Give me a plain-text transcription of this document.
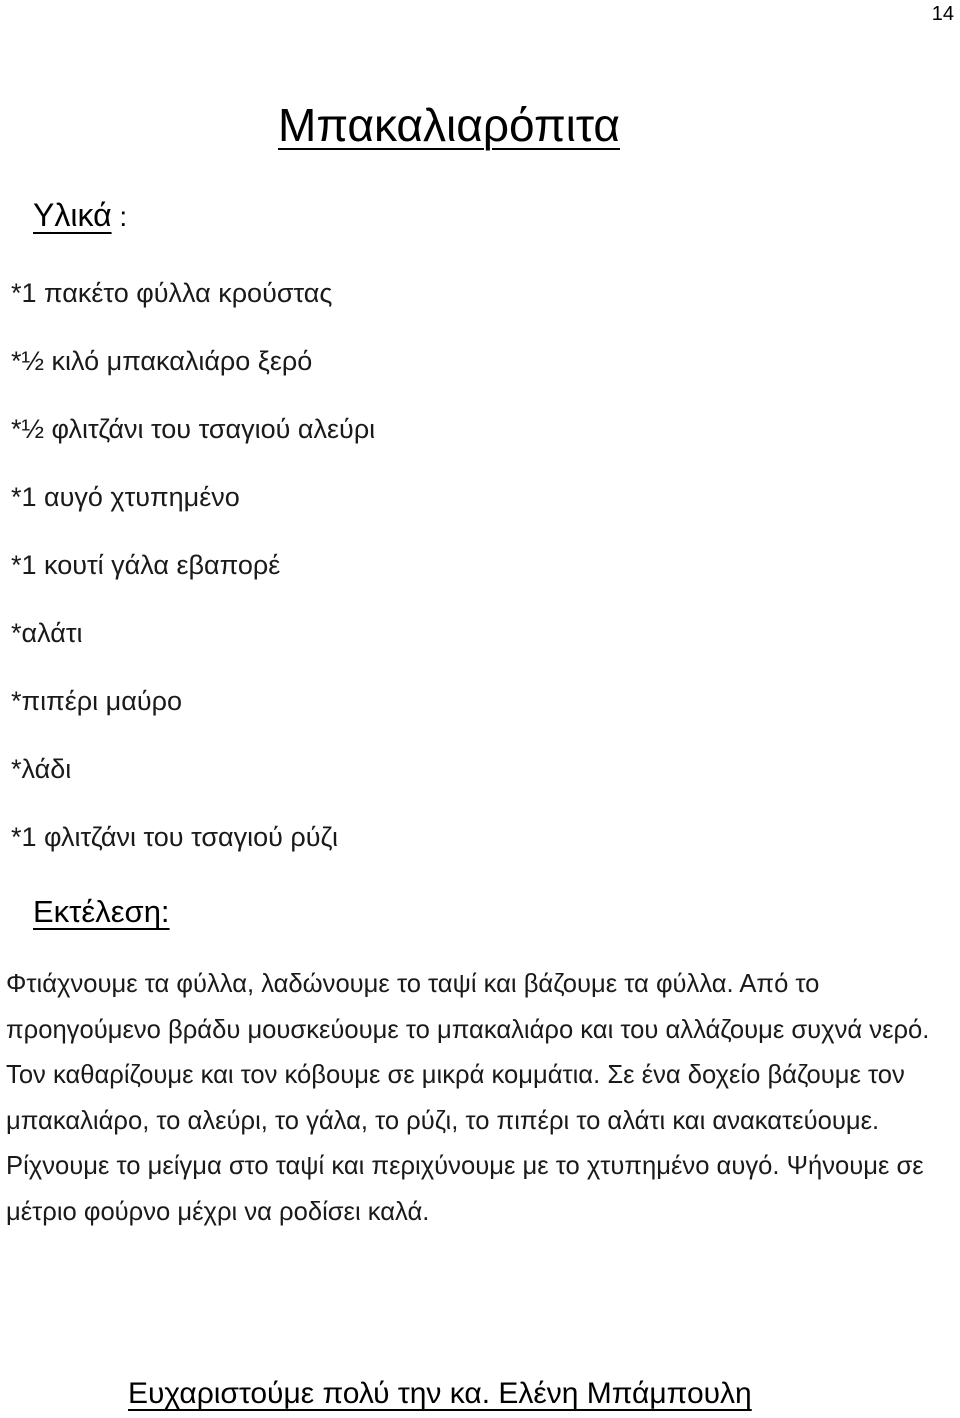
14
Μπακαλιαρόπιτα
Υλικά :
*1 πακέτο φύλλα κρούστας
*½ κιλό μπακαλιάρο ξερό
*½ φλιτζάνι του τσαγιού αλεύρι
*1 αυγό χτυπημένο
*1 κουτί γάλα εβαπορέ
*αλάτι
*πιπέρι μαύρο
*λάδι
*1 φλιτζάνι του τσαγιού ρύζι
Εκτέλεση:

Φτιάχνουμε τα φύλλα, λαδώνουμε το ταψί και βάζουμε τα φύλλα. Από το προηγούμενο βράδυ μουσκεύουμε το μπακαλιάρο και του αλλάζουμε συχνά νερό. Τον καθαρίζουμε και τον κόβουμε σε μικρά κομμάτια. Σε ένα δοχείο βάζουμε τον μπακαλιάρο, το αλεύρι, το γάλα, το ρύζι, το πιπέρι το αλάτι και ανακατεύουμε. Ρίχνουμε το μείγμα στο ταψί και περιχύνουμε με το χτυπημένο αυγό. Ψήνουμε σε μέτριο φούρνο μέχρι να ροδίσει καλά.

Ευχαριστούμε πολύ την κα. Ελένη Μπάμπουλη
